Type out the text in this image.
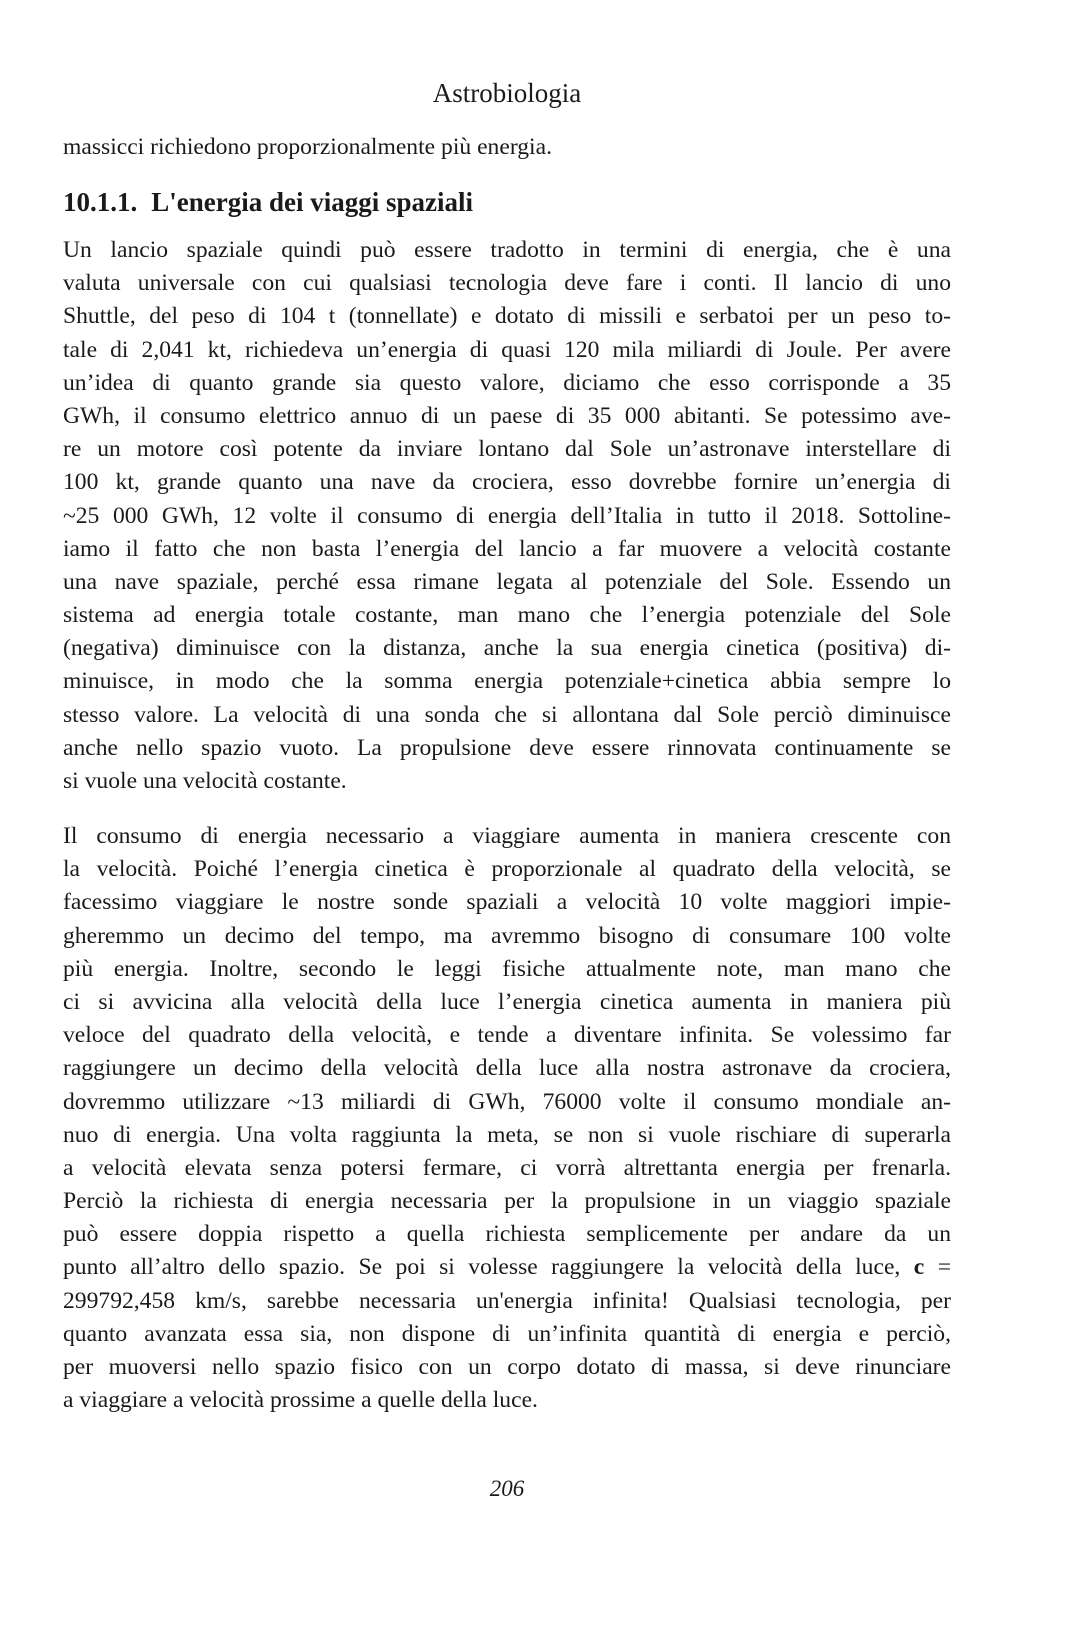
Astrobiologia
massicci richiedono proporzionalmente più energia.
10.1.1. L'energia dei viaggi spaziali
Un lancio spaziale quindi può essere tradotto in termini di energia, che è una
valuta universale con cui qualsiasi tecnologia deve fare i conti. Il lancio di uno
Shuttle, del peso di 104 t (tonnellate) e dotato di missili e serbatoi per un peso to-
tale di 2,041 kt, richiedeva un’energia di quasi 120 mila miliardi di Joule. Per avere
un’idea di quanto grande sia questo valore, diciamo che esso corrisponde a 35
GWh, il consumo elettrico annuo di un paese di 35 000 abitanti. Se potessimo ave-
re un motore così potente da inviare lontano dal Sole un’astronave interstellare di
100 kt, grande quanto una nave da crociera, esso dovrebbe fornire un’energia di
~25 000 GWh, 12 volte il consumo di energia dell’Italia in tutto il 2018. Sottoline-
iamo il fatto che non basta l’energia del lancio a far muovere a velocità costante
una nave spaziale, perché essa rimane legata al potenziale del Sole. Essendo un
sistema ad energia totale costante, man mano che l’energia potenziale del Sole
(negativa) diminuisce con la distanza, anche la sua energia cinetica (positiva) di-
minuisce, in modo che la somma energia potenziale+cinetica abbia sempre lo
stesso valore. La velocità di una sonda che si allontana dal Sole perciò diminuisce
anche nello spazio vuoto. La propulsione deve essere rinnovata continuamente se
si vuole una velocità costante.
Il consumo di energia necessario a viaggiare aumenta in maniera crescente con
la velocità. Poiché l’energia cinetica è proporzionale al quadrato della velocità, se
facessimo viaggiare le nostre sonde spaziali a velocità 10 volte maggiori impie-
gheremmo un decimo del tempo, ma avremmo bisogno di consumare 100 volte
più energia. Inoltre, secondo le leggi fisiche attualmente note, man mano che
ci si avvicina alla velocità della luce l’energia cinetica aumenta in maniera più
veloce del quadrato della velocità, e tende a diventare infinita. Se volessimo far
raggiungere un decimo della velocità della luce alla nostra astronave da crociera,
dovremmo utilizzare ~13 miliardi di GWh, 76000 volte il consumo mondiale an-
nuo di energia. Una volta raggiunta la meta, se non si vuole rischiare di superarla
a velocità elevata senza potersi fermare, ci vorrà altrettanta energia per frenarla.
Perciò la richiesta di energia necessaria per la propulsione in un viaggio spaziale
può essere doppia rispetto a quella richiesta semplicemente per andare da un
punto all’altro dello spazio. Se poi si volesse raggiungere la velocità della luce, c =
299792,458 km/s, sarebbe necessaria un'energia infinita! Qualsiasi tecnologia, per
quanto avanzata essa sia, non dispone di un’infinita quantità di energia e perciò,
per muoversi nello spazio fisico con un corpo dotato di massa, si deve rinunciare
a viaggiare a velocità prossime a quelle della luce.
206
